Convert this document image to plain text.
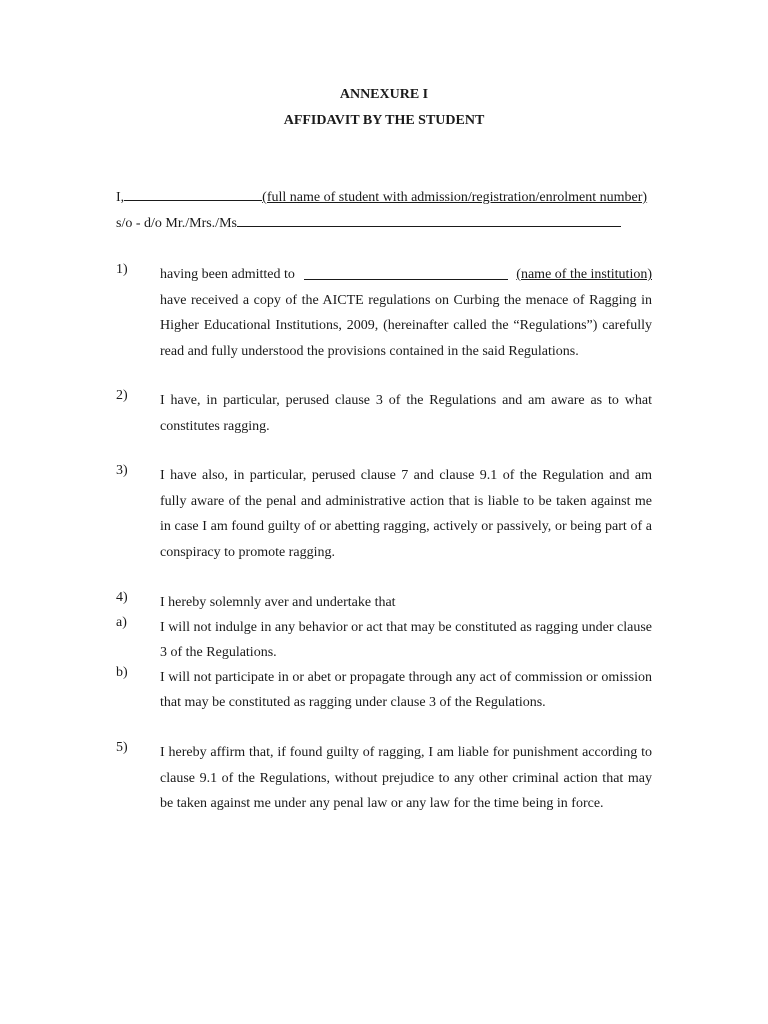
ANNEXURE I
AFFIDAVIT BY THE STUDENT
I,	(full name of student with admission/registration/enrolment number)
s/o - d/o Mr./Mrs./Ms
1)	having been admitted to	(name of the institution)
have received a copy of the AICTE regulations on Curbing the menace of Ragging in Higher Educational Institutions, 2009, (hereinafter called the “Regulations”) carefully read and fully understood the provisions contained in the said Regulations.
2)	I have, in particular, perused clause 3 of the Regulations and am aware as to what constitutes ragging.
3)	I have also, in particular, perused clause 7 and clause 9.1 of the Regulation and am fully aware of the penal and administrative action that is liable to be taken against me in case I am found guilty of or abetting ragging, actively or passively, or being part of a conspiracy to promote ragging.
4)	I hereby solemnly aver and undertake that
a)	I will not indulge in any behavior or act that may be constituted as ragging under clause 3 of the Regulations.
b)	I will not participate in or abet or propagate through any act of commission or omission that may be constituted as ragging under clause 3 of the Regulations.
5)	I hereby affirm that, if found guilty of ragging, I am liable for punishment according to clause 9.1 of the Regulations, without prejudice to any other criminal action that may be taken against me under any penal law or any law for the time being in force.
